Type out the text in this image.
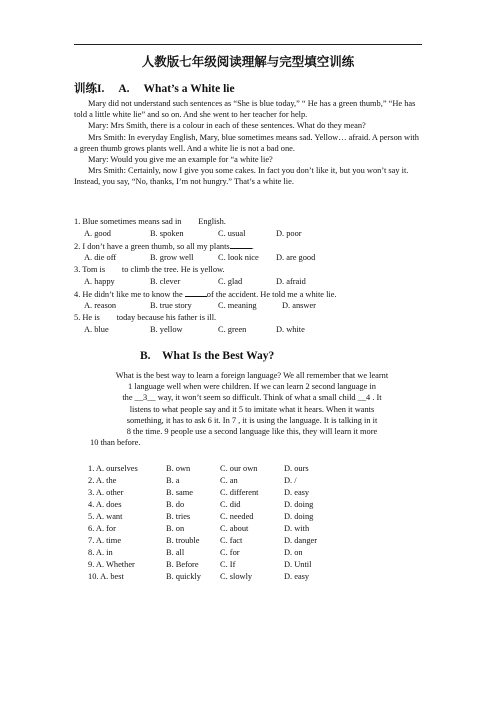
人教版七年级阅读理解与完型填空训练
训练I. A. What’s a White lie

Mary did not understand such sentences as “She is blue today,” “ He has a green thumb,” “He has told a little white lie” and so on. And she went to her teacher for help.

Mary: Mrs Smith, there is a colour in each of these sentences. What do they mean?

Mrs Smith: In everyday English, Mary, blue sometimes means sad. Yellow… afraid. A person with a green thumb grows plants well. And a white lie is not a bad one.

Mary: Would you give me an example for “a white lie?

Mrs Smith: Certainly, now I give you some cakes. In fact you don’t like it, but you won’t say it. Instead, you say, “No, thanks, I’m not hungry.” That’s a white lie.

1. Blue sometimes means sad in English.
A. good	B. spoken	C. usual	D. poor
2. I don’t have a green thumb, so all my plants	.
A. die off	B. grow well	C. look nice D. are good
3. Tom is to climb the tree. He is yellow.
A. happy	B. clever	C. glad	D. afraid
4. He didn’t like me to know the	of the accident. He told me a white lie.
A. reason	B. true story	C. meaning	D. answer
5. He is today because his father is ill.
A. blue	B. yellow	C. green	D. white
B. What Is the Best Way?
What is the best way to learn a foreign language? We all remember that we learnt
1 language well when were children. If we can learn 2 second language in
the __3__ way, it won’t seem so difficult. Think of what a small child __4 . It
listens to what people say and it 5 to imitate what it hears. When it wants
something, it has to ask 6 it. In 7 , it is using the language. It is talking in it
8 the time. 9 people use a second language like this, they will learn it more
10 than before.
1. A. ourselves	B. own	C. our own	D. ours
2. A. the	B. a	C. an	D. /
3. A. other	B. same	C. different	D. easy
4. A. does	B. do	C. did	D. doing
5. A. want	B. tries	C. needed	D. doing
6. A. for	B. on	C. about	D. with
7. A. time	B. trouble C. fact	D. danger
8. A. in	B. all	C. for	D. on
9. A. Whether	B. Before	C. If	D. Until
10. A. best	B. quickly C. slowly	D. easy
